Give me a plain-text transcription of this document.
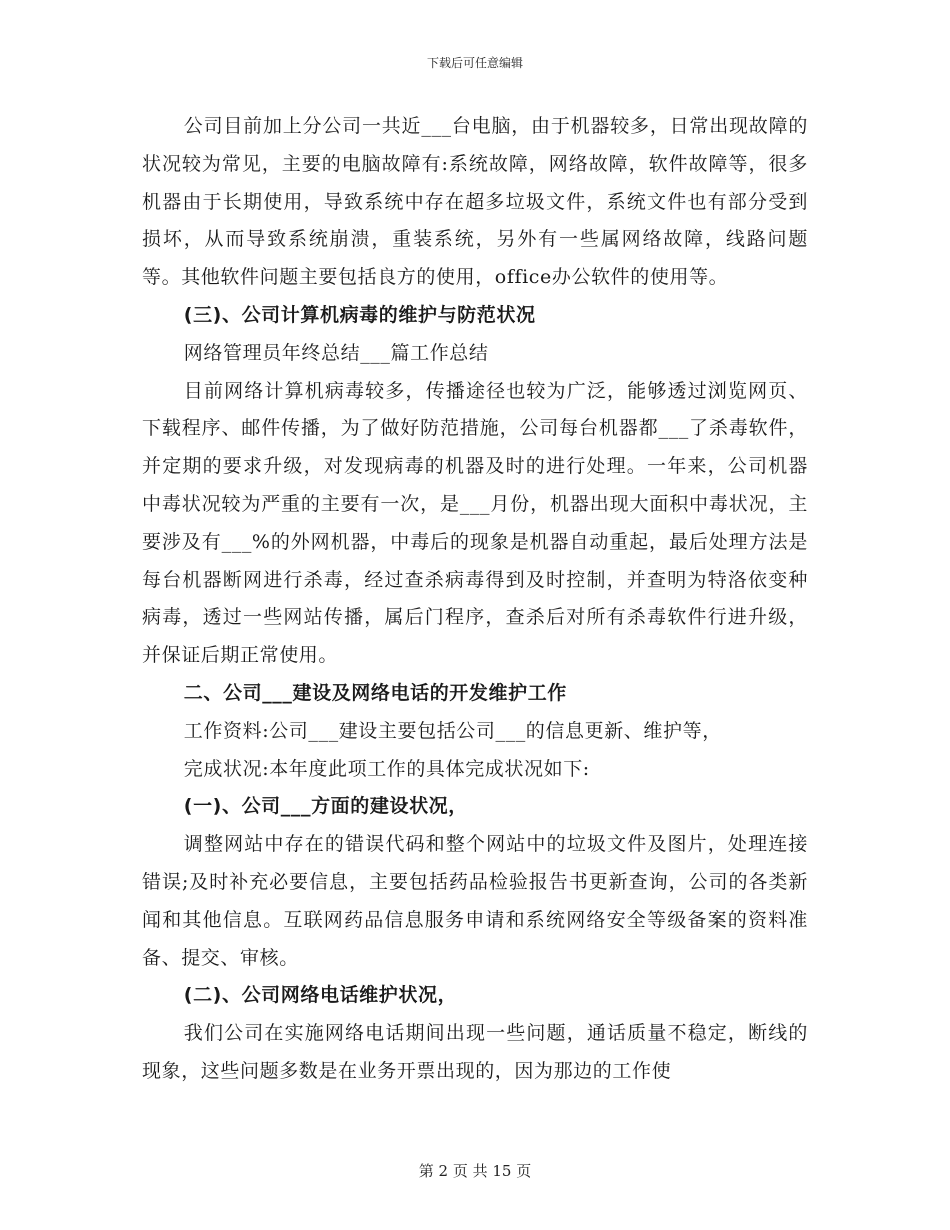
下载后可任意编辑

公司目前加上分公司一共近___台电脑，由于机器较多，日常出现故障的状况较为常见，主要的电脑故障有:系统故障，网络故障，软件故障等，很多机器由于长期使用，导致系统中存在超多垃圾文件，系统文件也有部分受到损坏，从而导致系统崩溃，重装系统，另外有一些属网络故障，线路问题等。其他软件问题主要包括良方的使用，office办公软件的使用等。

(三)、公司计算机病毒的维护与防范状况

网络管理员年终总结___篇工作总结

目前网络计算机病毒较多，传播途径也较为广泛，能够透过浏览网页、下载程序、邮件传播，为了做好防范措施，公司每台机器都___了杀毒软件，并定期的要求升级，对发现病毒的机器及时的进行处理。一年来，公司机器中毒状况较为严重的主要有一次，是___月份，机器出现大面积中毒状况，主要涉及有___%的外网机器，中毒后的现象是机器自动重起，最后处理方法是每台机器断网进行杀毒，经过查杀病毒得到及时控制，并查明为特洛依变种病毒，透过一些网站传播，属后门程序，查杀后对所有杀毒软件行进升级，并保证后期正常使用。

二、公司___建设及网络电话的开发维护工作

工作资料:公司___建设主要包括公司___的信息更新、维护等，

完成状况:本年度此项工作的具体完成状况如下:

(一)、公司___方面的建设状况，

调整网站中存在的错误代码和整个网站中的垃圾文件及图片，处理连接错误;及时补充必要信息，主要包括药品检验报告书更新查询，公司的各类新闻和其他信息。互联网药品信息服务申请和系统网络安全等级备案的资料准备、提交、审核。

(二)、公司网络电话维护状况，

我们公司在实施网络电话期间出现一些问题，通话质量不稳定，断线的现象，这些问题多数是在业务开票出现的，因为那边的工作使

第 2 页 共 15 页
